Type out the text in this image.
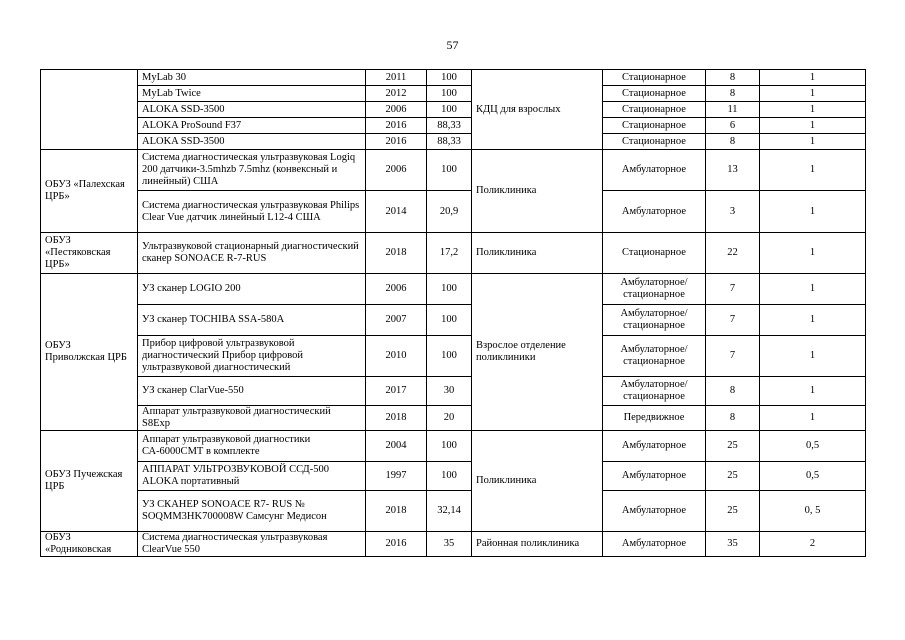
57
	MyLab 30	2011	100	КДЦ для взрослых	Стационарное	8	1
	MyLab Twice	2012	100		Стационарное	8	1
	ALOKA SSD-3500	2006	100		Стационарное	11	1
	ALOKA ProSound F37	2016	88,33		Стационарное	6	1
	ALOKA SSD-3500	2016	88,33		Стационарное	8	1
ОБУЗ «Палехская ЦРБ»	Система диагностическая ультразвуковая Logiq 200 датчики-3.5mhzb 7.5mhz (конвексный и линейный) США	2006	100	Поликлиника	Амбулаторное	13	1
	Система диагностическая ультразвуковая Philips Clear Vue датчик линейный L12-4 США	2014	20,9		Амбулаторное	3	1
ОБУЗ «Пестяковская ЦРБ»	Ультразвуковой стационарный диагностический сканер SONOACE R-7-RUS	2018	17,2	Поликлиника	Стационарное	22	1
ОБУЗ Приволжская ЦРБ	УЗ сканер LOGIO 200	2006	100	Взрослое отделение поликлиники	Амбулаторное/ стационарное	7	1
	УЗ сканер TOCHIBA SSA-580A	2007	100		Амбулаторное/ стационарное	7	1
	Прибор цифровой ультразвуковой диагностический Прибор цифровой ультразвуковой диагностический	2010	100		Амбулаторное/ стационарное	7	1
	УЗ сканер ClarVue-550	2017	30		Амбулаторное/ стационарное	8	1
	Аппарат ультразвуковой диагностический S8Exp	2018	20		Передвижное	8	1
ОБУЗ Пучежская ЦРБ	Аппарат ультразвуковой диагностики СА-6000СМТ в комплекте	2004	100	Поликлиника	Амбулаторное	25	0,5
	АППАРАТ УЛЬТРОЗВУКОВОЙ ССД-500 ALOKA портативный	1997	100		Амбулаторное	25	0,5
	УЗ СКАНЕР SONOACE R7- RUS № SOQMM3HK700008W Самсунг Медисон	2018	32,14		Амбулаторное	25	0, 5
ОБУЗ «Родниковская	Система диагностическая ультразвуковая ClearVue 550	2016	35	Районная поликлиника	Амбулаторное	35	2
